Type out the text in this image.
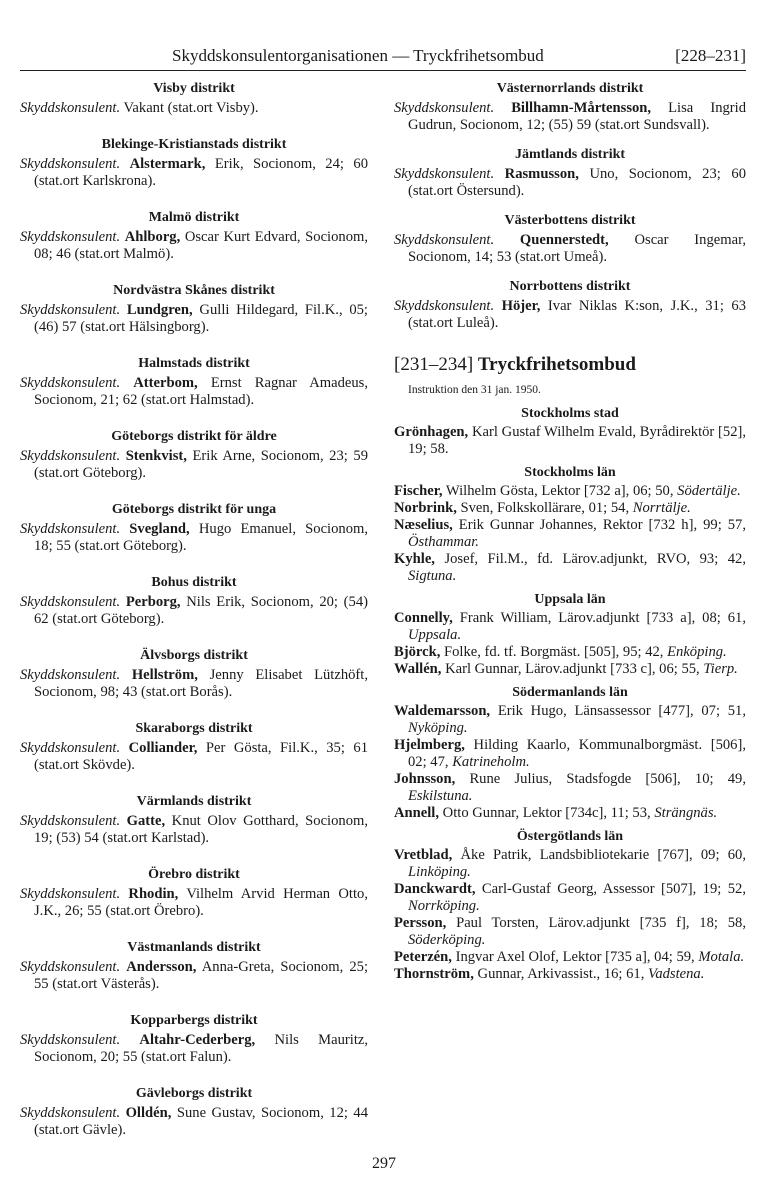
Skyddskonsulentorganisationen — Tryckfrihetsombud	[228–231]
Visby distrikt
Skyddskonsulent. Vakant (stat.ort Visby).
Blekinge-Kristianstads distrikt
Skyddskonsulent. Alstermark, Erik, Socionom, 24; 60 (stat.ort Karlskrona).
Malmö distrikt
Skyddskonsulent. Ahlborg, Oscar Kurt Edvard, Socionom, 08; 46 (stat.ort Malmö).
Nordvästra Skånes distrikt
Skyddskonsulent. Lundgren, Gulli Hildegard, Fil.K., 05; (46) 57 (stat.ort Hälsingborg).
Halmstads distrikt
Skyddskonsulent. Atterbom, Ernst Ragnar Amadeus, Socionom, 21; 62 (stat.ort Halmstad).
Göteborgs distrikt för äldre
Skyddskonsulent. Stenkvist, Erik Arne, Socionom, 23; 59 (stat.ort Göteborg).
Göteborgs distrikt för unga
Skyddskonsulent. Svegland, Hugo Emanuel, Socionom, 18; 55 (stat.ort Göteborg).
Bohus distrikt
Skyddskonsulent. Perborg, Nils Erik, Socionom, 20; (54) 62 (stat.ort Göteborg).
Älvsborgs distrikt
Skyddskonsulent. Hellström, Jenny Elisabet Lützhöft, Socionom, 98; 43 (stat.ort Borås).
Skaraborgs distrikt
Skyddskonsulent. Colliander, Per Gösta, Fil.K., 35; 61 (stat.ort Skövde).
Värmlands distrikt
Skyddskonsulent. Gatte, Knut Olov Gotthard, Socionom, 19; (53) 54 (stat.ort Karlstad).
Örebro distrikt
Skyddskonsulent. Rhodin, Vilhelm Arvid Herman Otto, J.K., 26; 55 (stat.ort Örebro).
Västmanlands distrikt
Skyddskonsulent. Andersson, Anna-Greta, Socionom, 25; 55 (stat.ort Västerås).
Kopparbergs distrikt
Skyddskonsulent. Altahr-Cederberg, Nils Mauritz, Socionom, 20; 55 (stat.ort Falun).
Gävleborgs distrikt
Skyddskonsulent. Olldén, Sune Gustav, Socionom, 12; 44 (stat.ort Gävle).
Västernorrlands distrikt
Skyddskonsulent. Billhamn-Mårtensson, Lisa Ingrid Gudrun, Socionom, 12; (55) 59 (stat.ort Sundsvall).
Jämtlands distrikt
Skyddskonsulent. Rasmusson, Uno, Socionom, 23; 60 (stat.ort Östersund).
Västerbottens distrikt
Skyddskonsulent. Quennerstedt, Oscar Ingemar, Socionom, 14; 53 (stat.ort Umeå).
Norrbottens distrikt
Skyddskonsulent. Höjer, Ivar Niklas K:son, J.K., 31; 63 (stat.ort Luleå).
[231–234] Tryckfrihetsombud
Instruktion den 31 jan. 1950.
Stockholms stad
Grönhagen, Karl Gustaf Wilhelm Evald, Byrådirektör [52], 19; 58.
Stockholms län
Fischer, Wilhelm Gösta, Lektor [732 a], 06; 50, Södertälje.
Norbrink, Sven, Folkskollärare, 01; 54, Norrtälje.
Næselius, Erik Gunnar Johannes, Rektor [732 h], 99; 57, Östhammar.
Kyhle, Josef, Fil.M., fd. Lärov.adjunkt, RVO, 93; 42, Sigtuna.
Uppsala län
Connelly, Frank William, Lärov.adjunkt [733 a], 08; 61, Uppsala.
Björck, Folke, fd. tf. Borgmäst. [505], 95; 42, Enköping.
Wallén, Karl Gunnar, Lärov.adjunkt [733 c], 06; 55, Tierp.
Södermanlands län
Waldemarsson, Erik Hugo, Länsassessor [477], 07; 51, Nyköping.
Hjelmberg, Hilding Kaarlo, Kommunalborgmäst. [506], 02; 47, Katrineholm.
Johnsson, Rune Julius, Stadsfogde [506], 10; 49, Eskilstuna.
Annell, Otto Gunnar, Lektor [734c], 11; 53, Strängnäs.
Östergötlands län
Vretblad, Åke Patrik, Landsbibliotekarie [767], 09; 60, Linköping.
Danckwardt, Carl-Gustaf Georg, Assessor [507], 19; 52, Norrköping.
Persson, Paul Torsten, Lärov.adjunkt [735 f], 18; 58, Söderköping.
Peterzén, Ingvar Axel Olof, Lektor [735 a], 04; 59, Motala.
Thornström, Gunnar, Arkivassist., 16; 61, Vadstena.
297
